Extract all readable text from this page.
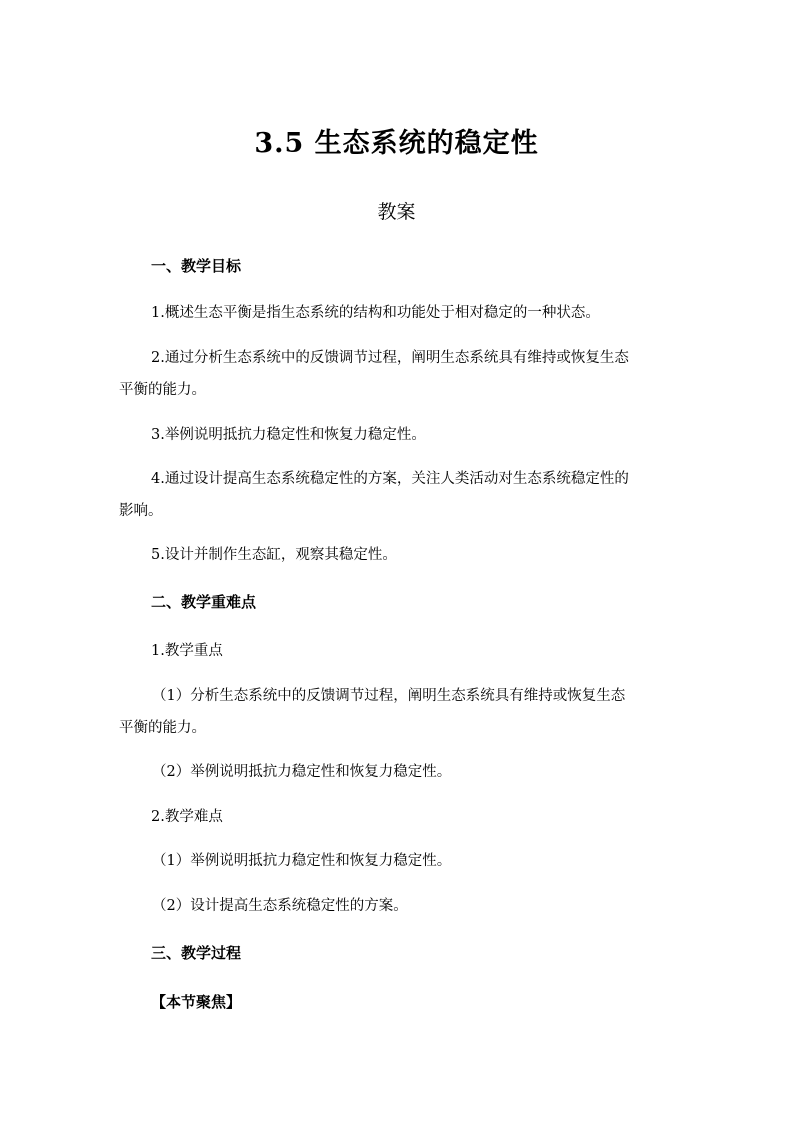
3.5 生态系统的稳定性
教案
一、教学目标
1.概述生态平衡是指生态系统的结构和功能处于相对稳定的一种状态。
2.通过分析生态系统中的反馈调节过程，阐明生态系统具有维持或恢复生态
平衡的能力。
3.举例说明抵抗力稳定性和恢复力稳定性。
4.通过设计提高生态系统稳定性的方案，关注人类活动对生态系统稳定性的
影响。
5.设计并制作生态缸，观察其稳定性。
二、教学重难点
1.教学重点
（1）分析生态系统中的反馈调节过程，阐明生态系统具有维持或恢复生态
平衡的能力。
（2）举例说明抵抗力稳定性和恢复力稳定性。
2.教学难点
（1）举例说明抵抗力稳定性和恢复力稳定性。
（2）设计提高生态系统稳定性的方案。
三、教学过程
【本节聚焦】
